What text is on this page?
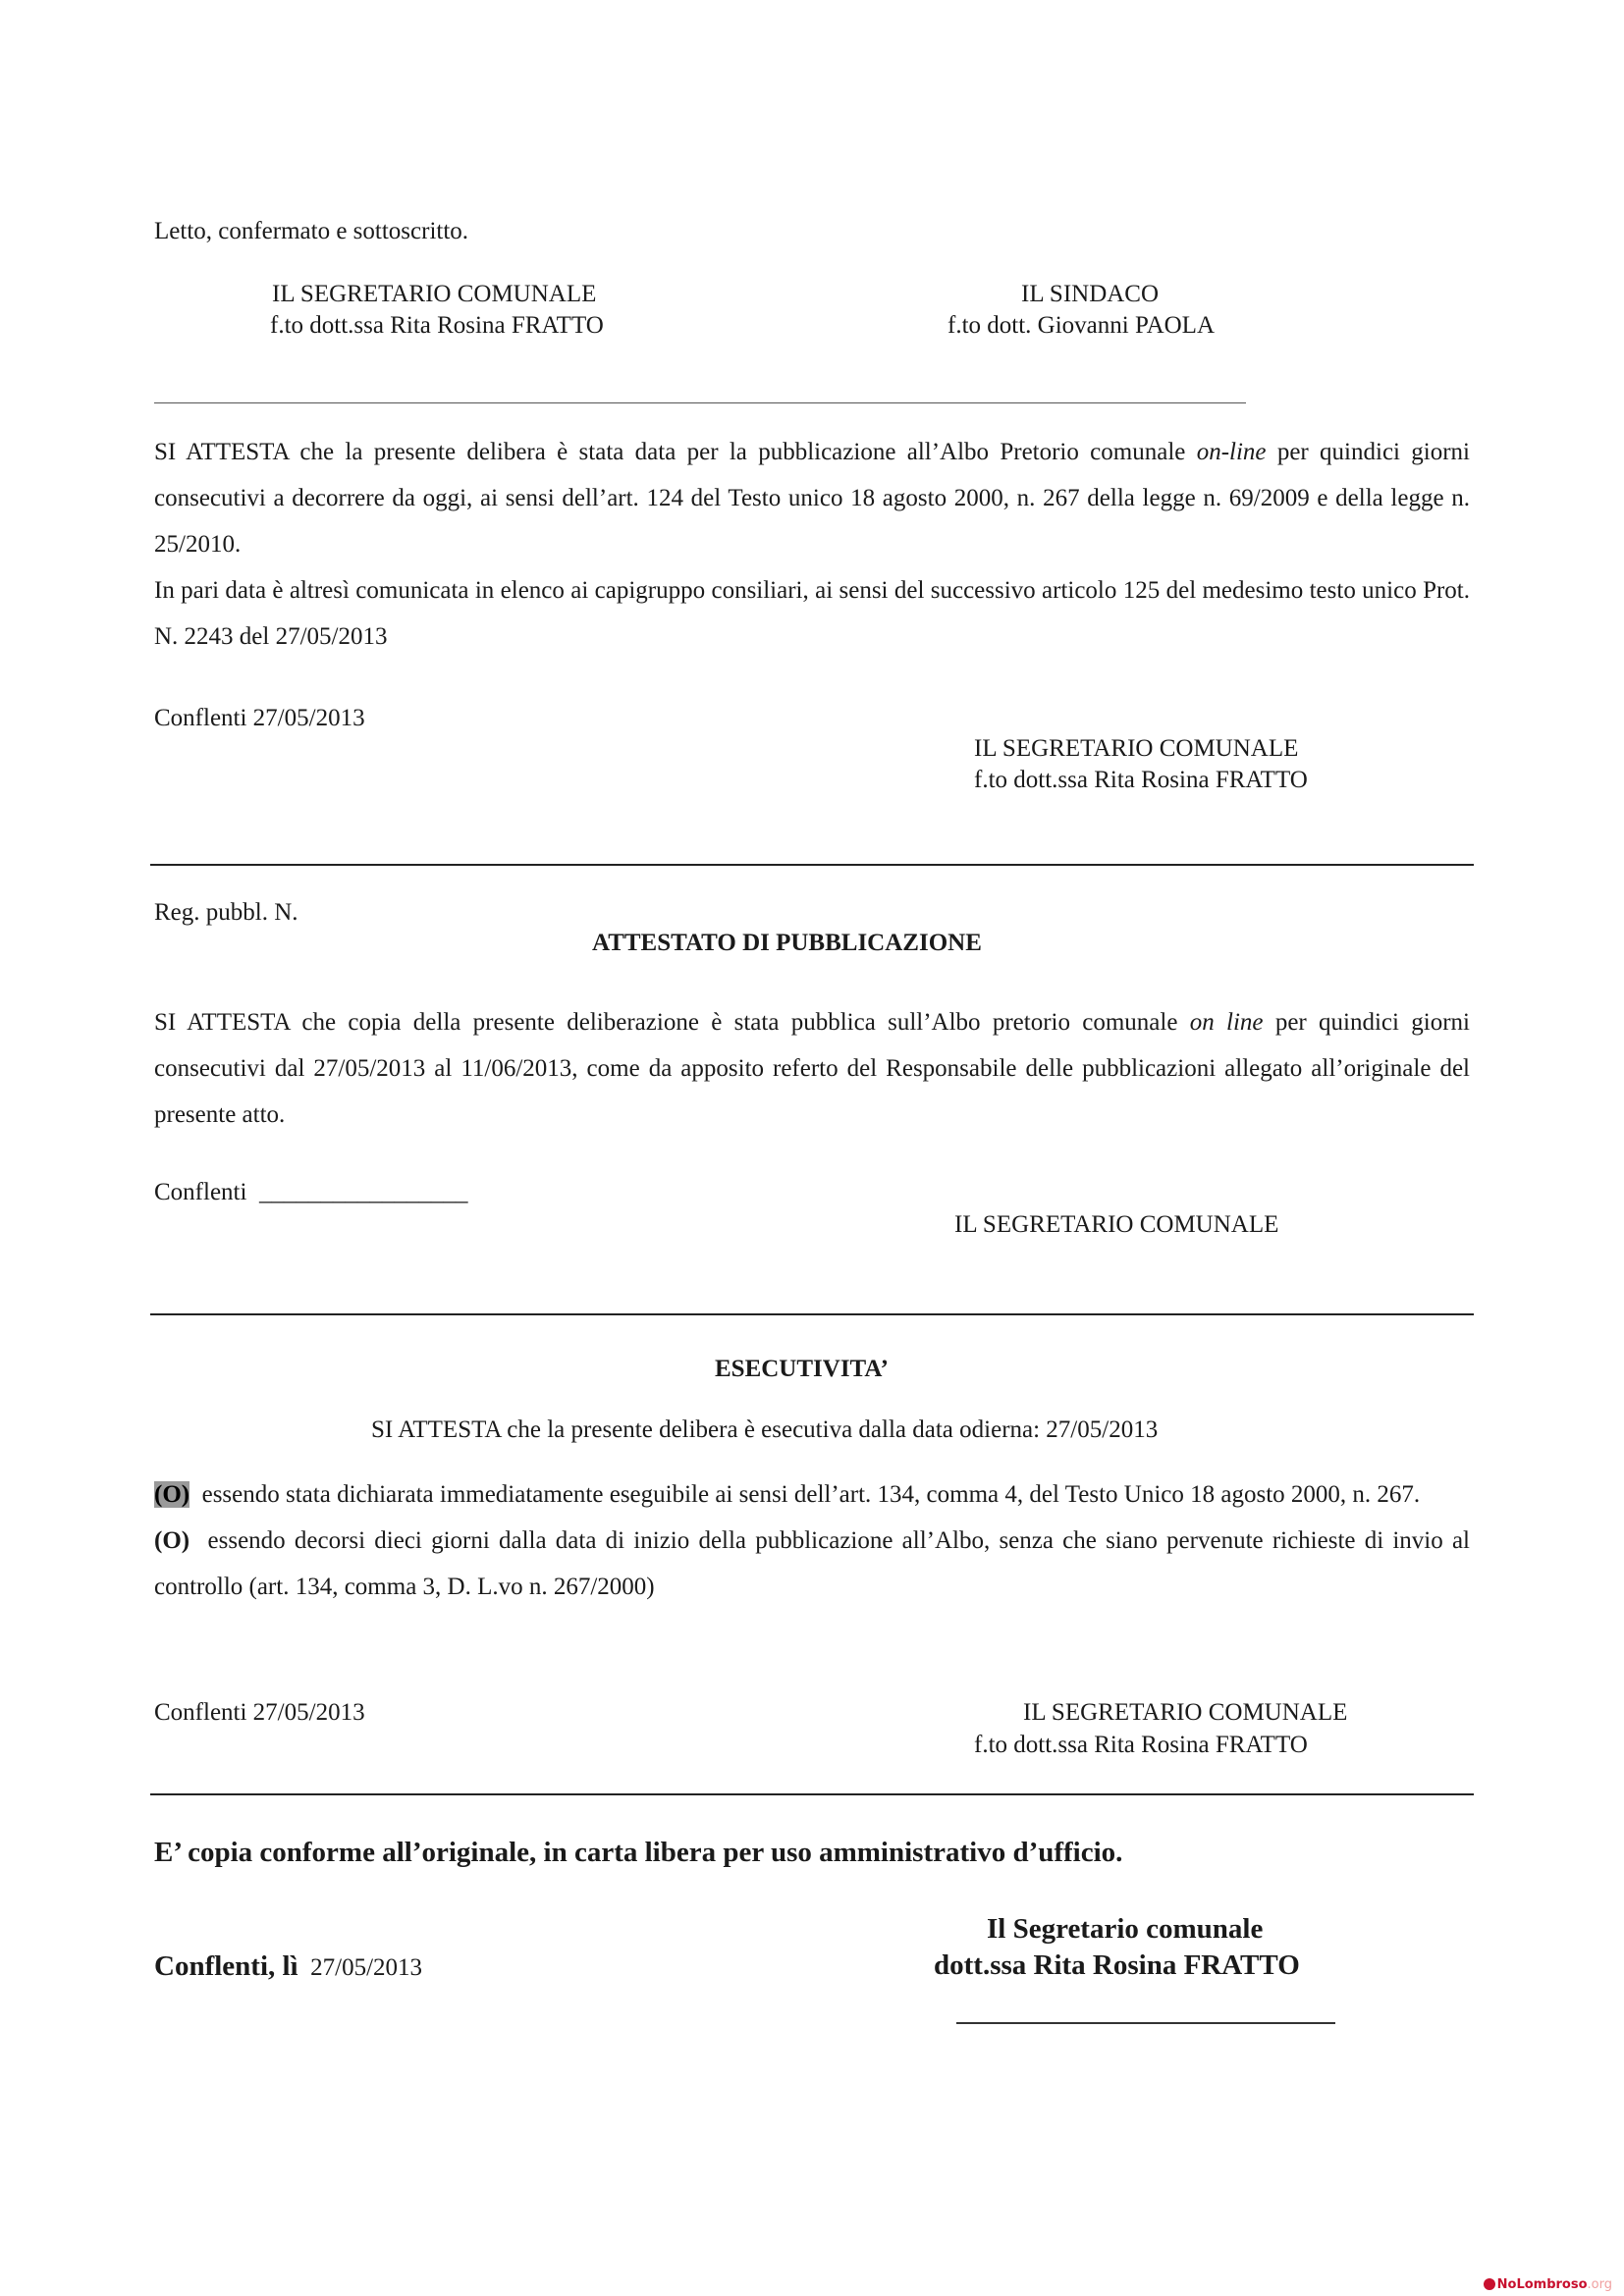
Letto, confermato e sottoscritto.
IL SEGRETARIO COMUNALE
f.to dott.ssa Rita Rosina FRATTO
IL SINDACO
f.to dott. Giovanni PAOLA
SI ATTESTA che la presente delibera è stata data per la pubblicazione all’Albo Pretorio comunale on-line per quindici giorni consecutivi a decorrere da oggi, ai sensi dell’art. 124 del Testo unico 18 agosto 2000, n. 267 della legge n. 69/2009 e della legge n. 25/2010.
In pari data è altresì comunicata in elenco ai capigruppo consiliari, ai sensi del successivo articolo 125 del medesimo testo unico Prot. N. 2243 del 27/05/2013
Conflenti 27/05/2013
IL SEGRETARIO COMUNALE
f.to dott.ssa Rita Rosina FRATTO
Reg. pubbl. N.
ATTESTATO DI PUBBLICAZIONE
SI ATTESTA che copia della presente deliberazione è stata pubblica sull’Albo pretorio comunale on line per quindici giorni consecutivi dal 27/05/2013 al 11/06/2013, come da apposito referto del Responsabile delle pubblicazioni allegato all’originale del presente atto.
Conflenti _________________
IL SEGRETARIO COMUNALE
ESECUTIVITA’
SI ATTESTA che la presente delibera è esecutiva dalla data odierna: 27/05/2013
(O) essendo stata dichiarata immediatamente eseguibile ai sensi dell’art. 134, comma 4, del Testo Unico 18 agosto 2000, n. 267.
(O) essendo decorsi dieci giorni dalla data di inizio della pubblicazione all’Albo, senza che siano pervenute richieste di invio al controllo (art. 134, comma 3, D. L.vo n. 267/2000)
Conflenti 27/05/2013	IL SEGRETARIO COMUNALE
f.to dott.ssa Rita Rosina FRATTO
E’ copia conforme all’originale, in carta libera per uso amministrativo d’ufficio.
Il Segretario comunale
Conflenti, lì 27/05/2013	dott.ssa Rita Rosina FRATTO
NoLombroso.org
